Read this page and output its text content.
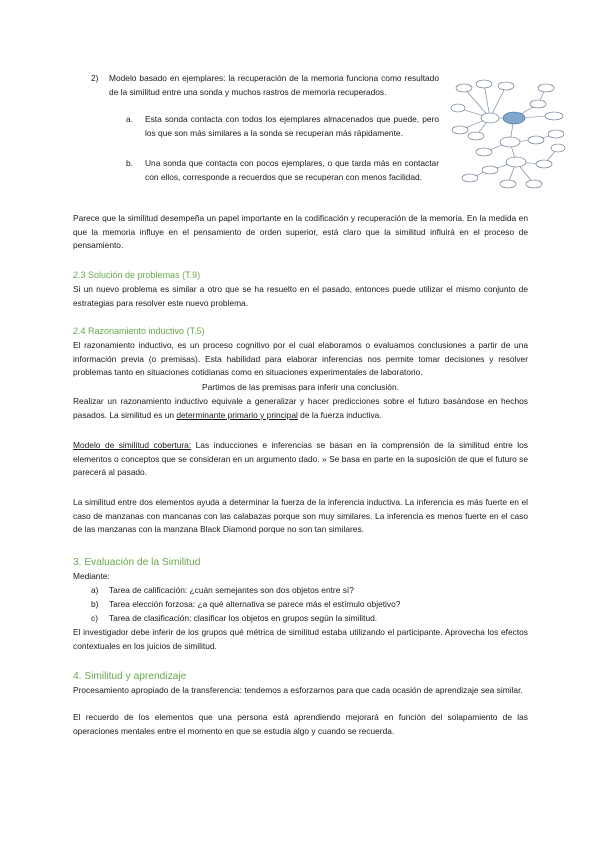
2) Modelo basado en ejemplares: la recuperación de la memoria funciona como resultado de la similitud entre una sonda y muchos rastros de memoria recuperados.
a. Esta sonda contacta con todos los ejemplares almacenados que puede, pero los que son más similares a la sonda se recuperan más rápidamente.
b. Una sonda que contacta con pocos ejemplares, o que tarda más en contactar con ellos, corresponde a recuerdos que se recuperan con menos facilidad.
Parece que la similitud desempeña un papel importante en la codificación y recuperación de la memoria. En la medida en que la memoria influye en el pensamiento de orden superior, está claro que la similitud influirá en el proceso de pensamiento.
2.3 Solución de problemas (T.9)
Si un nuevo problema es similar a otro que se ha resuelto en el pasado, entonces puede utilizar el mismo conjunto de estrategias para resolver este nuevo problema.
2.4 Razonamiento inductivo (T.5)
El razonamiento inductivo, es un proceso cognitivo por el cual elaboramos o evaluamos conclusiones a partir de una información previa (o premisas). Esta habilidad para elaborar inferencias nos permite tomar decisiones y resolver problemas tanto en situaciones cotidianas como en situaciones experimentales de laboratorio.
Partimos de las premisas para inferir una conclusión.
Realizar un razonamiento inductivo equivale a generalizar y hacer predicciones sobre el futuro basándose en hechos pasados. La similitud es un determinante primario y principal de la fuerza inductiva.
Modelo de similitud cobertura: Las inducciones e inferencias se basan en la comprensión de la similitud entre los elementos o conceptos que se consideran en un argumento dado. » Se basa en parte en la suposición de que el futuro se parecerá al pasado.
La similitud entre dos elementos ayuda a determinar la fuerza de la inferencia inductiva. La inferencia es más fuerte en el caso de manzanas con mancanas con las calabazas porque son muy similares. La inferencia es menos fuerte en el caso de las manzanas con la manzana Black Diamond porque no son tan similares.
3. Evaluación de la Similitud
Mediante:
a) Tarea de calificación: ¿cuán semejantes son dos objetos entre sí?
b) Tarea elección forzosa: ¿a qué alternativa se parece más el estímulo objetivo?
c) Tarea de clasificación: clasificar los objetos en grupos según la similitud.
El investigador debe inferir de los grupos qué métrica de similitud estaba utilizando el participante. Aprovecha los efectos contextuales en los juicios de similitud.
4. Similitud y aprendizaje
Procesamiento apropiado de la transferencia: tendemos a esforzarnos para que cada ocasión de aprendizaje sea similar.
El recuerdo de los elementos que una persona está aprendiendo mejorará en función del solapamiento de las operaciones mentales entre el momento en que se estudia algo y cuando se recuerda.
